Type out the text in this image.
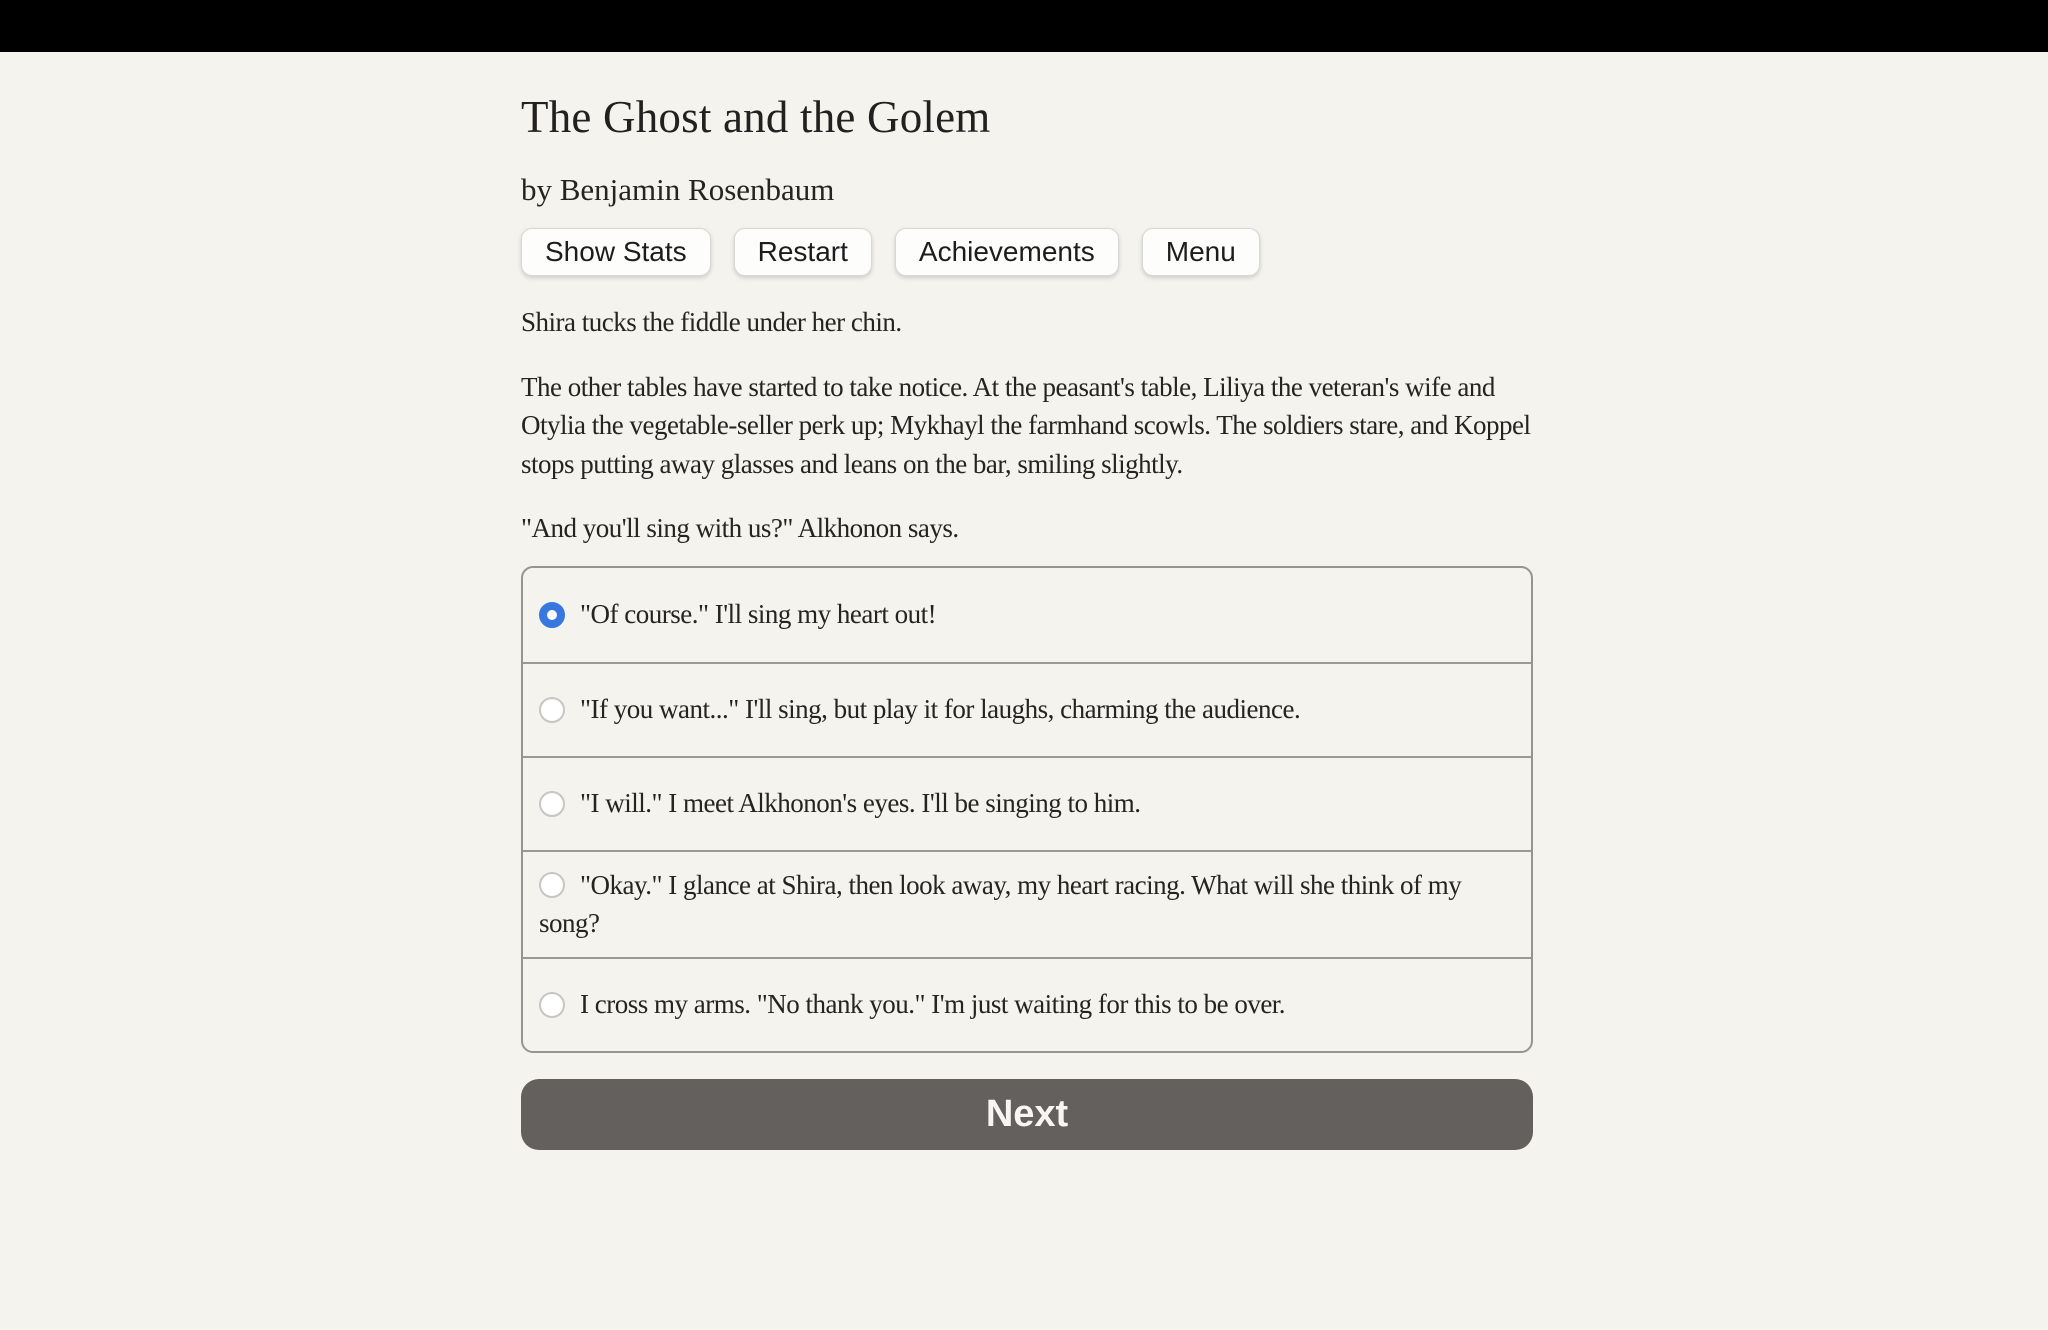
The Ghost and the Golem
by Benjamin Rosenbaum
Show Stats	Restart	Achievements	Menu

Shira tucks the fiddle under her chin.

The other tables have started to take notice. At the peasant's table, Liliya the veteran's wife and Otylia the vegetable-seller perk up; Mykhayl the farmhand scowls. The soldiers stare, and Koppel stops putting away glasses and leans on the bar, smiling slightly.

"And you'll sing with us?" Alkhonon says.

"Of course." I'll sing my heart out!
"If you want..." I'll sing, but play it for laughs, charming the audience.
"I will." I meet Alkhonon's eyes. I'll be singing to him.
"Okay." I glance at Shira, then look away, my heart racing. What will she think of my song?
I cross my arms. "No thank you." I'm just waiting for this to be over.
Next
